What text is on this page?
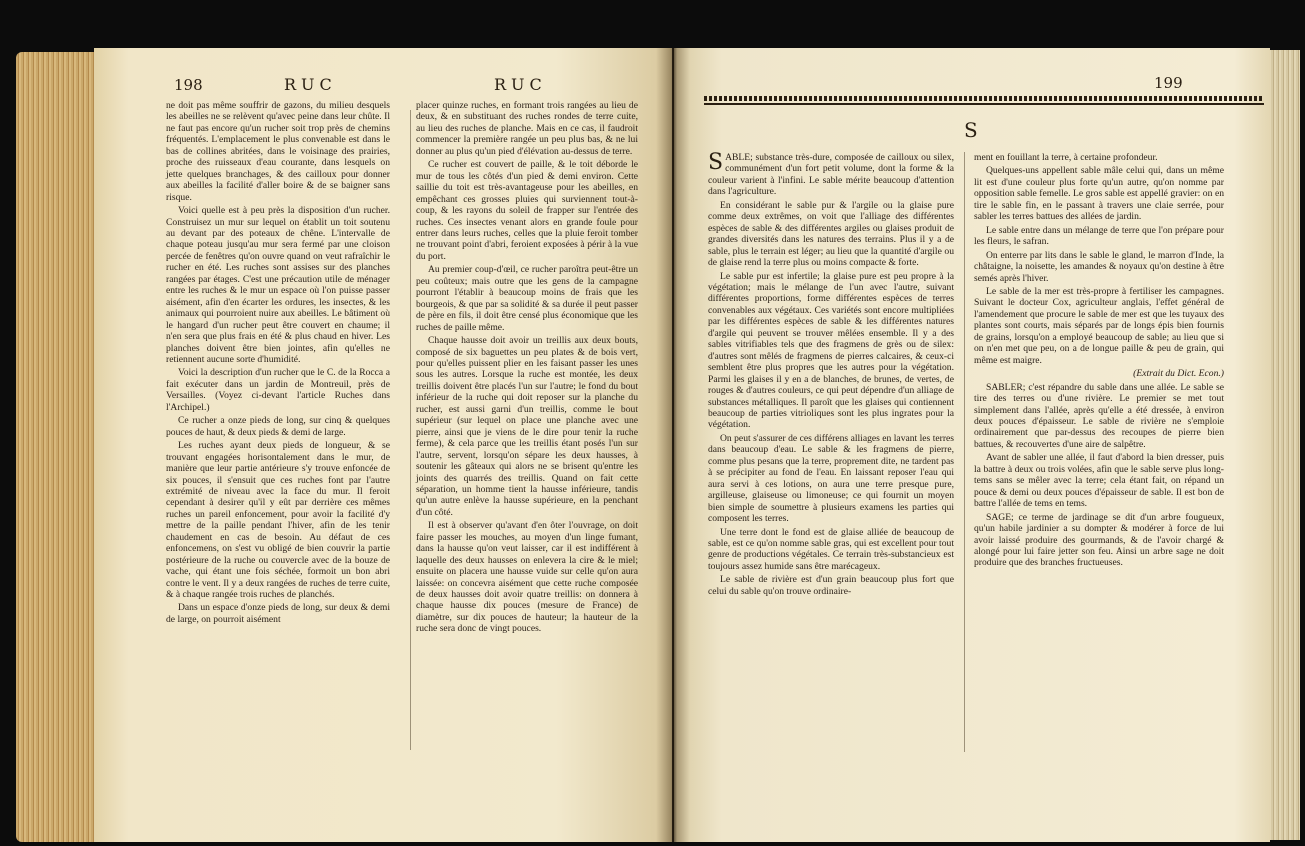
198	RUC	RUC

ne doit pas même souffrir de gazons, du milieu desquels les abeilles ne se relèvent qu'avec peine dans leur chûte. Il ne faut pas encore qu'un rucher soit trop près de chemins fréquentés. L'emplacement le plus convenable est dans le bas de collines abritées, dans le voisinage des prairies, proche des ruisseaux d'eau courante, dans lesquels on jette quelques branchages, & des cailloux pour donner aux abeilles la facilité d'aller boire & de se baigner sans risque.

Voici quelle est à peu près la disposition d'un rucher. Construisez un mur sur lequel on établit un toit soutenu au devant par des poteaux de chêne. L'intervalle de chaque poteau jusqu'au mur sera fermé par une cloison percée de fenêtres qu'on ouvre quand on veut rafraîchir le rucher en été. Les ruches sont assises sur des planches rangées par étages. C'est une précaution utile de ménager entre les ruches & le mur un espace où l'on puisse passer aisément, afin d'en écarter les ordures, les insectes, & les animaux qui pourroient nuire aux abeilles. Le bâtiment où le hangard d'un rucher peut être couvert en chaume; il n'en sera que plus frais en été & plus chaud en hiver. Les planches doivent être bien jointes, afin qu'elles ne retiennent aucune sorte d'humidité.

Voici la description d'un rucher que le C. de la Rocca a fait exécuter dans un jardin de Montreuil, près de Versailles. (Voyez ci-devant l'article Ruches dans l'Archipel.)

Ce rucher a onze pieds de long, sur cinq & quelques pouces de haut, & deux pieds & demi de large.

Les ruches ayant deux pieds de longueur, & se trouvant engagées horisontalement dans le mur, de manière que leur partie antérieure s'y trouve enfoncée de six pouces, il s'ensuit que ces ruches font par l'autre extrémité de niveau avec la face du mur. Il feroit cependant à desirer qu'il y eût par derrière ces mêmes ruches un pareil enfoncement, pour avoir la facilité d'y mettre de la paille pendant l'hiver, afin de les tenir chaudement en cas de besoin. Au défaut de ces enfoncemens, on s'est vu obligé de bien couvrir la partie postérieure de la ruche ou couvercle avec de la bouze de vache, qui étant une fois séchée, formoit un bon abri contre le vent. Il y a deux rangées de ruches de terre cuite, & à chaque rangée trois ruches de planchés.

Dans un espace d'onze pieds de long, sur deux & demi de large, on pourroit aisément

placer quinze ruches, en formant trois rangées au lieu de deux, & en substituant des ruches rondes de terre cuite, au lieu des ruches de planche. Mais en ce cas, il faudroit commencer la première rangée un peu plus bas, & ne lui donner au plus qu'un pied d'élévation au-dessus de terre.

Ce rucher est couvert de paille, & le toit déborde le mur de tous les côtés d'un pied & demi environ. Cette saillie du toit est très-avantageuse pour les abeilles, en empêchant ces grosses pluies qui surviennent tout-à-coup, & les rayons du soleil de frapper sur l'entrée des ruches. Ces insectes venant alors en grande foule pour entrer dans leurs ruches, celles que la pluie feroit tomber ne trouvant point d'abri, feroient exposées à périr à la vue du port.

Au premier coup-d'œil, ce rucher paroîtra peut-être un peu coûteux; mais outre que les gens de la campagne pourront l'établir à beaucoup moins de frais que les bourgeois, & que par sa solidité & sa durée il peut passer de père en fils, il doit être censé plus économique que les ruches de paille même.

Chaque hausse doit avoir un treillis aux deux bouts, composé de six baguettes un peu plates & de bois vert, pour qu'elles puissent plier en les faisant passer les unes sous les autres. Lorsque la ruche est montée, les deux treillis doivent être placés l'un sur l'autre; le fond du bout inférieur de la ruche qui doit reposer sur la planche du rucher, est aussi garni d'un treillis, comme le bout supérieur (sur lequel on place une planche avec une pierre, ainsi que je viens de le dire pour tenir la ruche ferme), & cela parce que les treillis étant posés l'un sur l'autre, servent, lorsqu'on sépare les deux hausses, à soutenir les gâteaux qui alors ne se brisent qu'entre les joints des quarrés des treillis. Quand on fait cette séparation, un homme tient la hausse inférieure, tandis qu'un autre enlève la hausse supérieure, en la penchant d'un côté.

Il est à observer qu'avant d'en ôter l'ouvrage, on doit faire passer les mouches, au moyen d'un linge fumant, dans la hausse qu'on veut laisser, car il est indifférent à laquelle des deux hausses on enlevera la cire & le miel; ensuite on placera une hausse vuide sur celle qu'on aura laissée: on concevra aisément que cette ruche composée de deux hausses doit avoir quatre treillis: on donnera à chaque hausse dix pouces (mesure de France) de diamètre, sur dix pouces de hauteur; la hauteur de la ruche sera donc de vingt pouces.

199
S

SABLE; substance très-dure, composée de cailloux ou silex, communément d'un fort petit volume, dont la forme & la couleur varient à l'infini. Le sable mérite beaucoup d'attention dans l'agriculture.

En considérant le sable pur & l'argile ou la glaise pure comme deux extrêmes, on voit que l'alliage des différentes espèces de sable & des différentes argiles ou glaises produit de grandes diversités dans les natures des terrains. Plus il y a de sable, plus le terrain est léger; au lieu que la quantité d'argile ou de glaise rend la terre plus ou moins compacte & forte.

Le sable pur est infertile; la glaise pure est peu propre à la végétation; mais le mélange de l'un avec l'autre, suivant différentes proportions, forme différentes espèces de terres convenables aux végétaux. Ces variétés sont encore multipliées par les différentes espèces de sable & les différentes natures d'argile qui peuvent se trouver mêlées ensemble. Il y a des sables vitrifiables tels que des fragmens de grès ou de silex: d'autres sont mêlés de fragmens de pierres calcaires, & ceux-ci semblent être plus propres que les autres pour la végétation. Parmi les glaises il y en a de blanches, de brunes, de vertes, de rouges & d'autres couleurs, ce qui peut dépendre d'un alliage de substances métalliques. Il paroît que les glaises qui contiennent beaucoup de parties vitrioliques sont les plus ingrates pour la végétation.

On peut s'assurer de ces différens alliages en lavant les terres dans beaucoup d'eau. Le sable & les fragmens de pierre, comme plus pesans que la terre, proprement dite, ne tardent pas à se précipiter au fond de l'eau. En laissant reposer l'eau qui aura servi à ces lotions, on aura une terre presque pure, argilleuse, glaiseuse ou limoneuse; ce qui fournit un moyen bien simple de soumettre à plusieurs examens les parties qui composent les terres.

Une terre dont le fond est de glaise alliée de beaucoup de sable, est ce qu'on nomme sable gras, qui est excellent pour tout genre de productions végétales. Ce terrain très-substancieux est toujours assez humide sans être marécageux.

Le sable de rivière est d'un grain beaucoup plus fort que celui du sable qu'on trouve ordinaire-

ment en fouillant la terre, à certaine profondeur.

Quelques-uns appellent sable mâle celui qui, dans un même lit est d'une couleur plus forte qu'un autre, qu'on nomme par opposition sable femelle. Le gros sable est appellé gravier: on en tire le sable fin, en le passant à travers une claie serrée, pour sabler les terres battues des allées de jardin.

Le sable entre dans un mélange de terre que l'on prépare pour les fleurs, le safran.

On enterre par lits dans le sable le gland, le marron d'Inde, la châtaigne, la noisette, les amandes & noyaux qu'on destine à être semés après l'hiver.

Le sable de la mer est très-propre à fertiliser les campagnes. Suivant le docteur Cox, agriculteur anglais, l'effet général de l'amendement que procure le sable de mer est que les tuyaux des plantes sont courts, mais séparés par de longs épis bien fournis de grains, lorsqu'on a employé beaucoup de sable; au lieu que si on n'en met que peu, on a de longue paille & peu de grain, qui même est maigre.

(Extrait du Dict. Econ.)

SABLER; c'est répandre du sable dans une allée. Le sable se tire des terres ou d'une rivière. Le premier se met tout simplement dans l'allée, après qu'elle a été dressée, à environ deux pouces d'épaisseur. Le sable de rivière ne s'emploie ordinairement que par-dessus des recoupes de pierre bien battues, & recouvertes d'une aire de salpêtre.

Avant de sabler une allée, il faut d'abord la bien dresser, puis la battre à deux ou trois volées, afin que le sable serve plus long-tems sans se mêler avec la terre; cela étant fait, on répand un pouce & demi ou deux pouces d'épaisseur de sable. Il est bon de battre l'allée de tems en tems.

SAGE; ce terme de jardinage se dit d'un arbre fougueux, qu'un habile jardinier a su dompter & modérer à force de lui avoir laissé produire des gourmands, & de l'avoir chargé & alongé pour lui faire jetter son feu. Ainsi un arbre sage ne doit produire que des branches fructueuses.
